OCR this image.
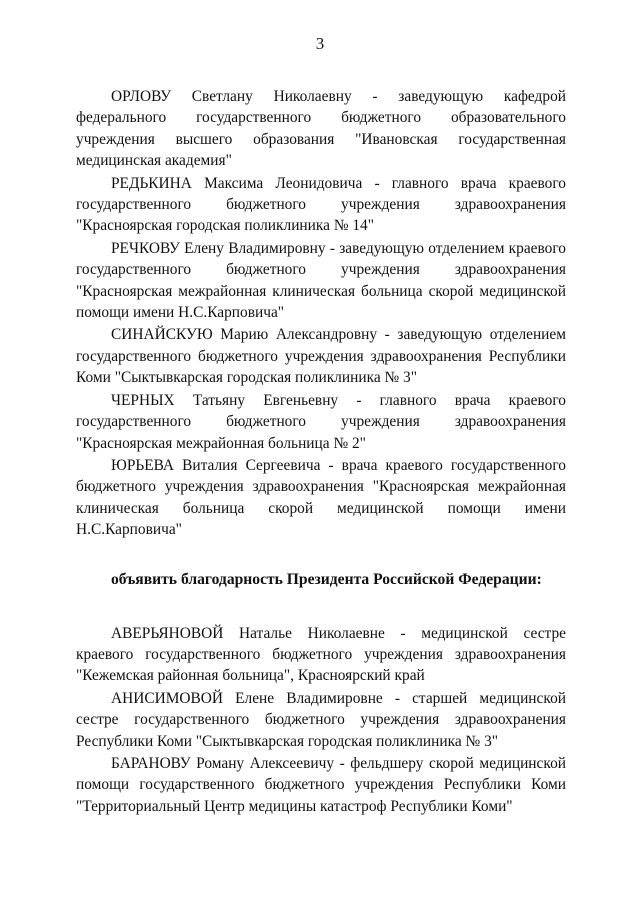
3

ОРЛОВУ Светлану Николаевну - заведующую кафедрой федерального государственного бюджетного образовательного учреждения высшего образования "Ивановская государственная медицинская академия"

РЕДЬКИНА Максима Леонидовича - главного врача краевого государственного бюджетного учреждения здравоохранения "Красноярская городская поликлиника № 14"

РЕЧКОВУ Елену Владимировну - заведующую отделением краевого государственного бюджетного учреждения здравоохранения "Красноярская межрайонная клиническая больница скорой медицинской помощи имени Н.С.Карповича"

СИНАЙСКУЮ Марию Александровну - заведующую отделением государственного бюджетного учреждения здравоохранения Республики Коми "Сыктывкарская городская поликлиника № 3"

ЧЕРНЫХ Татьяну Евгеньевну - главного врача краевого государственного бюджетного учреждения здравоохранения "Красноярская межрайонная больница № 2"

ЮРЬЕВА Виталия Сергеевича - врача краевого государственного бюджетного учреждения здравоохранения "Красноярская межрайонная клиническая больница скорой медицинской помощи имени Н.С.Карповича"

объявить благодарность Президента Российской Федерации:

АВЕРЬЯНОВОЙ Наталье Николаевне - медицинской сестре краевого государственного бюджетного учреждения здравоохранения "Кежемская районная больница", Красноярский край

АНИСИМОВОЙ Елене Владимировне - старшей медицинской сестре государственного бюджетного учреждения здравоохранения Республики Коми "Сыктывкарская городская поликлиника № 3"

БАРАНОВУ Роману Алексеевичу - фельдшеру скорой медицинской помощи государственного бюджетного учреждения Республики Коми "Территориальный Центр медицины катастроф Республики Коми"
